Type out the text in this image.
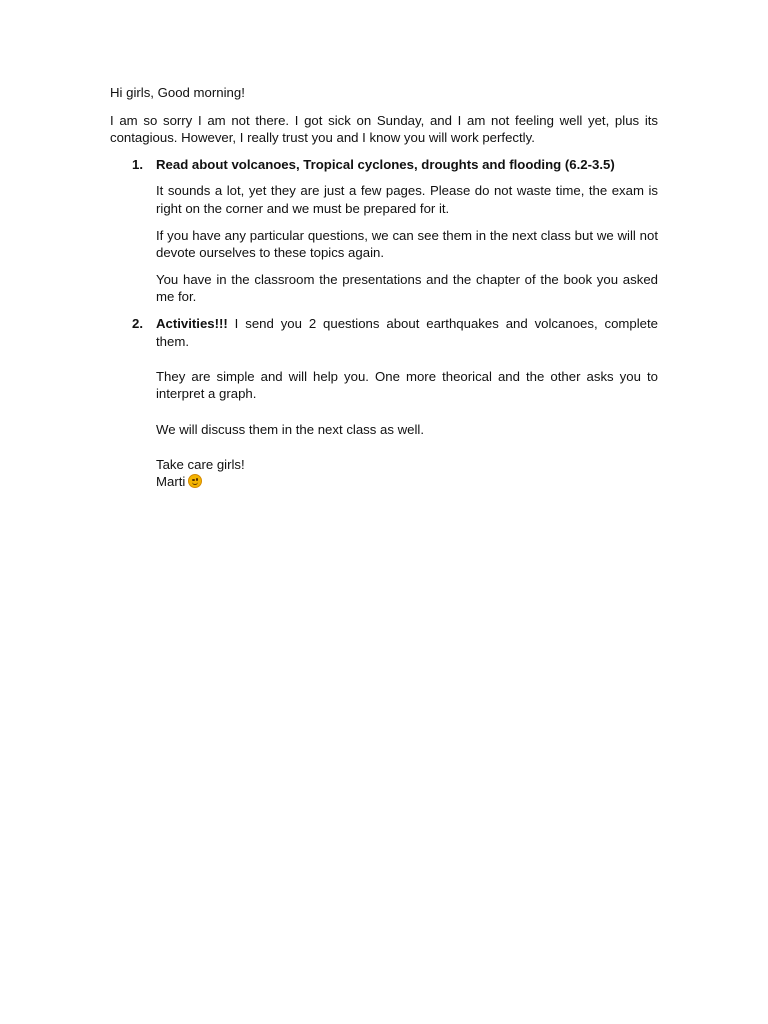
Hi girls, Good morning!

I am so sorry I am not there. I got sick on Sunday, and I am not feeling well yet, plus its contagious. However, I really trust you and I know you will work perfectly.

1. Read about volcanoes, Tropical cyclones, droughts and flooding (6.2-3.5)

It sounds a lot, yet they are just a few pages. Please do not waste time, the exam is right on the corner and we must be prepared for it.

If you have any particular questions, we can see them in the next class but we will not devote ourselves to these topics again.

You have in the classroom the presentations and the chapter of the book you asked me for.

2. Activities!!! I send you 2 questions about earthquakes and volcanoes, complete them.

They are simple and will help you. One more theorical and the other asks you to interpret a graph.

We will discuss them in the next class as well.

Take care girls!

Marti
